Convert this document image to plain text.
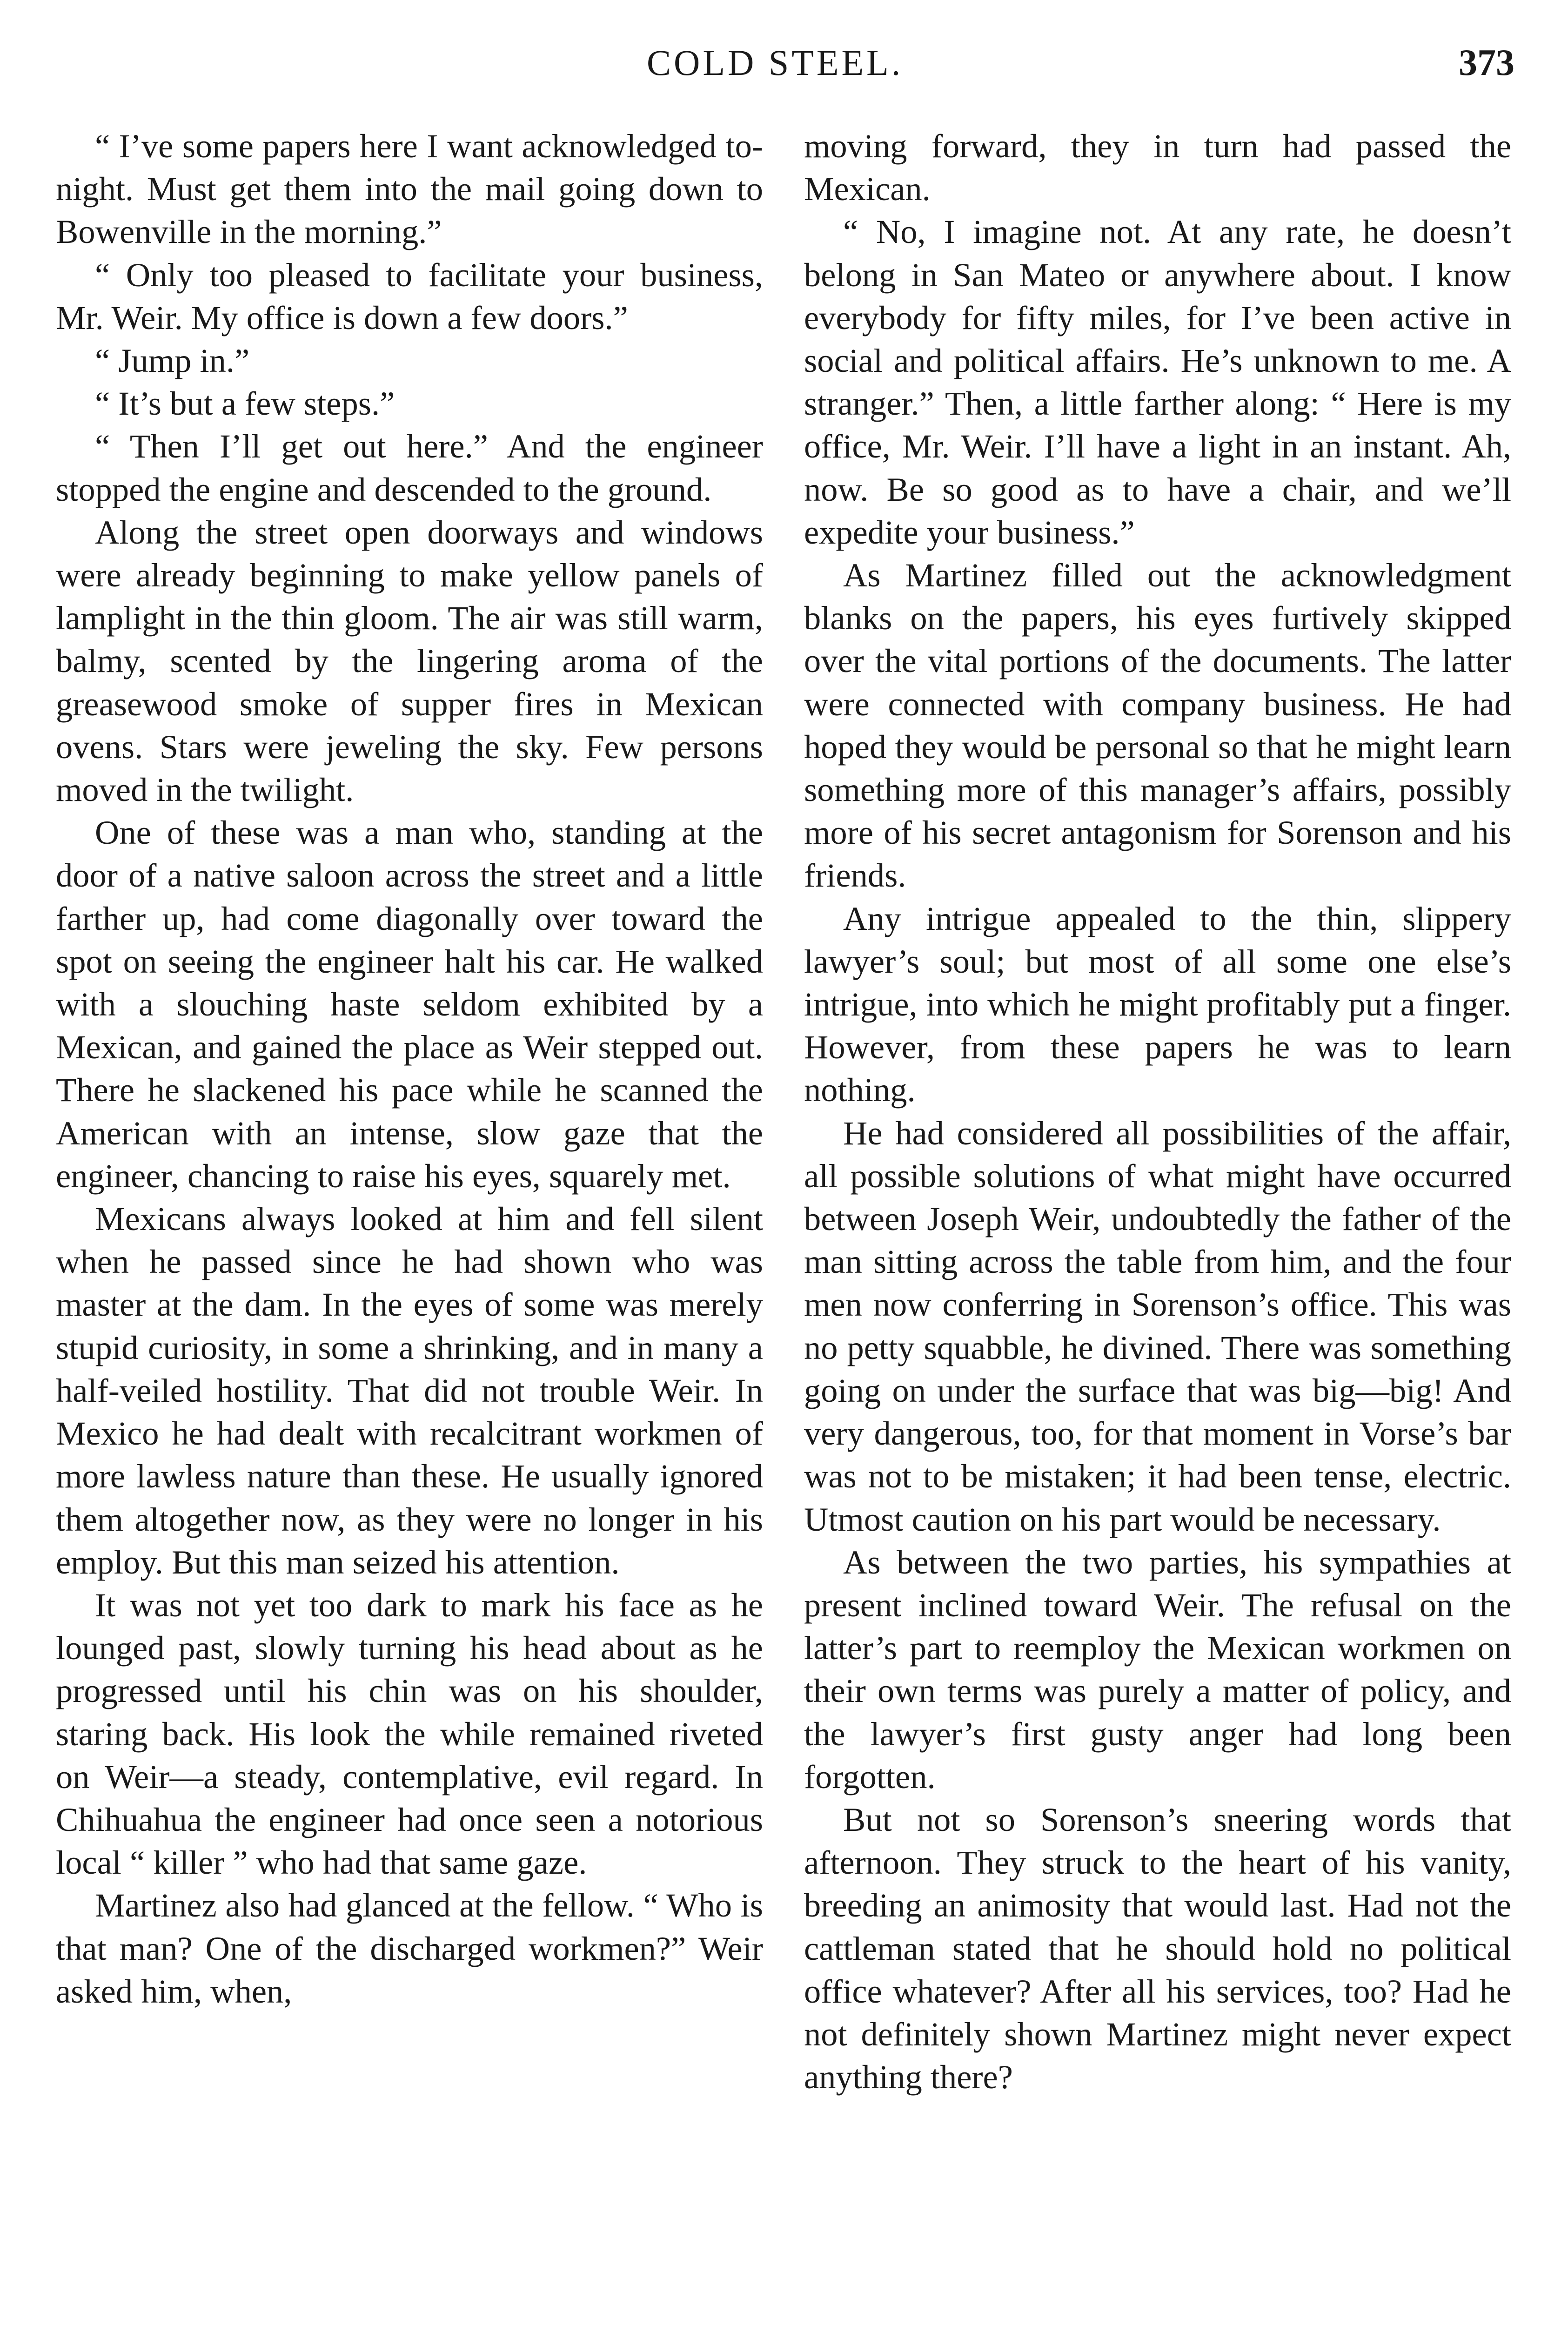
COLD STEEL.	373

“ I’ve some papers here I want acknowledged to-night. Must get them into the mail going down to Bowenville in the morning.”

“ Only too pleased to facilitate your business, Mr. Weir. My office is down a few doors.”

“ Jump in.”

“ It’s but a few steps.”

“ Then I’ll get out here.” And the engineer stopped the engine and descended to the ground.

Along the street open doorways and windows were already beginning to make yellow panels of lamplight in the thin gloom. The air was still warm, balmy, scented by the lingering aroma of the greasewood smoke of supper fires in Mexican ovens. Stars were jeweling the sky. Few persons moved in the twilight.

One of these was a man who, standing at the door of a native saloon across the street and a little farther up, had come diagonally over toward the spot on seeing the engineer halt his car. He walked with a slouching haste seldom exhibited by a Mexican, and gained the place as Weir stepped out. There he slackened his pace while he scanned the American with an intense, slow gaze that the engineer, chancing to raise his eyes, squarely met.

Mexicans always looked at him and fell silent when he passed since he had shown who was master at the dam. In the eyes of some was merely stupid curiosity, in some a shrinking, and in many a half-veiled hostility. That did not trouble Weir. In Mexico he had dealt with recalcitrant workmen of more lawless nature than these. He usually ignored them altogether now, as they were no longer in his employ. But this man seized his attention.

It was not yet too dark to mark his face as he lounged past, slowly turning his head about as he progressed until his chin was on his shoulder, staring back. His look the while remained riveted on Weir—a steady, contemplative, evil regard. In Chihuahua the engineer had once seen a notorious local “ killer ” who had that same gaze.

Martinez also had glanced at the fellow. “ Who is that man? One of the discharged workmen?” Weir asked him, when,

moving forward, they in turn had passed the Mexican.

“ No, I imagine not. At any rate, he doesn’t belong in San Mateo or anywhere about. I know everybody for fifty miles, for I’ve been active in social and political affairs. He’s unknown to me. A stranger.” Then, a little farther along: “ Here is my office, Mr. Weir. I’ll have a light in an instant. Ah, now. Be so good as to have a chair, and we’ll expedite your business.”

As Martinez filled out the acknowledgment blanks on the papers, his eyes furtively skipped over the vital portions of the documents. The latter were connected with company business. He had hoped they would be personal so that he might learn something more of this manager’s affairs, possibly more of his secret antagonism for Sorenson and his friends.

Any intrigue appealed to the thin, slippery lawyer’s soul; but most of all some one else’s intrigue, into which he might profitably put a finger. However, from these papers he was to learn nothing.

He had considered all possibilities of the affair, all possible solutions of what might have occurred between Joseph Weir, undoubtedly the father of the man sitting across the table from him, and the four men now conferring in Sorenson’s office. This was no petty squabble, he divined. There was something going on under the surface that was big—big! And very dangerous, too, for that moment in Vorse’s bar was not to be mistaken; it had been tense, electric. Utmost caution on his part would be necessary.

As between the two parties, his sympathies at present inclined toward Weir. The refusal on the latter’s part to reemploy the Mexican workmen on their own terms was purely a matter of policy, and the lawyer’s first gusty anger had long been forgotten.

But not so Sorenson’s sneering words that afternoon. They struck to the heart of his vanity, breeding an animosity that would last. Had not the cattleman stated that he should hold no political office whatever? After all his services, too? Had he not definitely shown Martinez might never expect anything there?
